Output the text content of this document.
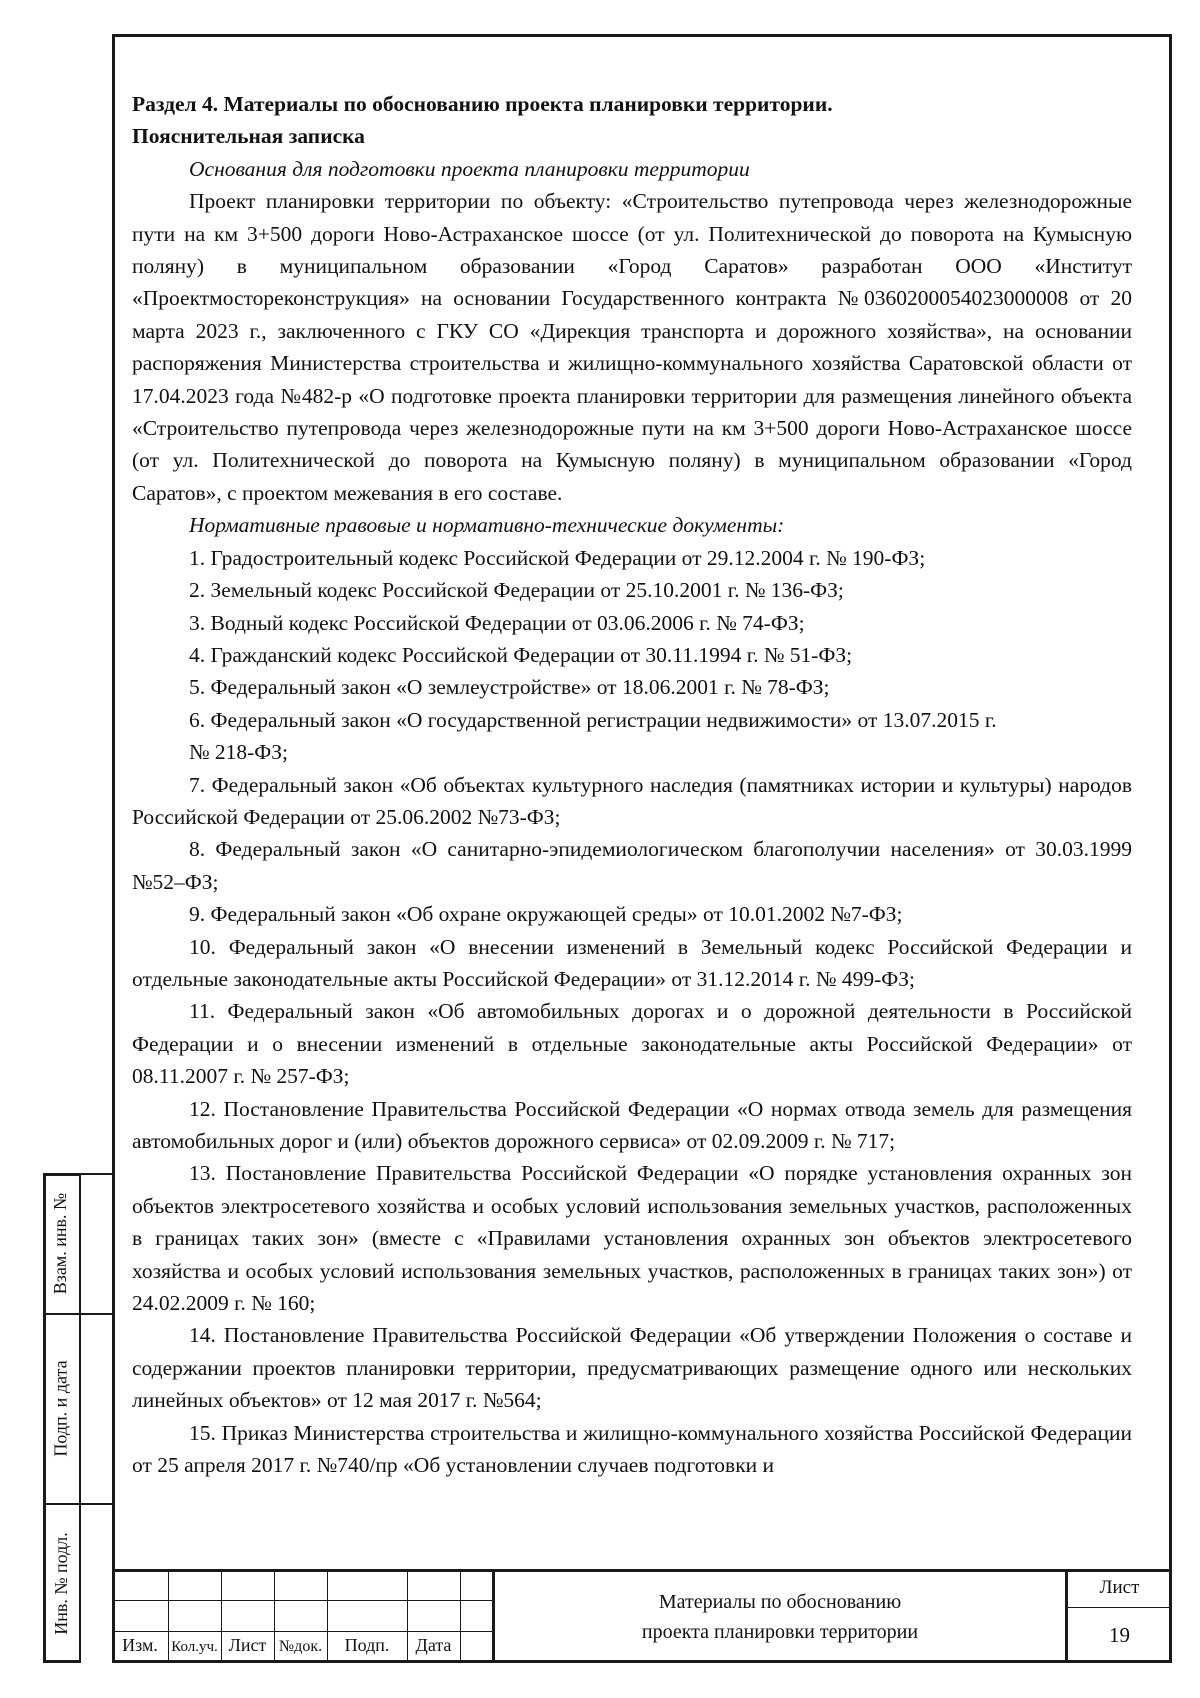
Раздел 4. Материалы по обоснованию проекта планировки территории.

Пояснительная записка

Основания для подготовки проекта планировки территории

Проект планировки территории по объекту: «Строительство путепровода через железнодорожные пути на км 3+500 дороги Ново-Астраханское шоссе (от ул. Политехнической до поворота на Кумысную поляну) в муниципальном образовании «Город Саратов» разработан ООО «Институт «Проектмостореконструкция» на основании Государственного контракта №0360200054023000008 от 20 марта 2023 г., заключенного с ГКУ СО «Дирекция транспорта и дорожного хозяйства», на основании распоряжения Министерства строительства и жилищно-коммунального хозяйства Саратовской области от 17.04.2023 года №482-р «О подготовке проекта планировки территории для размещения линейного объекта «Строительство путепровода через железнодорожные пути на км 3+500 дороги Ново-Астраханское шоссе (от ул. Политехнической до поворота на Кумысную поляну) в муниципальном образовании «Город Саратов», с проектом межевания в его составе.

Нормативные правовые и нормативно-технические документы:

1. Градостроительный кодекс Российской Федерации от 29.12.2004 г. № 190-ФЗ;

2. Земельный кодекс Российской Федерации от 25.10.2001 г. № 136-ФЗ;

3. Водный кодекс Российской Федерации от 03.06.2006 г. № 74-ФЗ;

4. Гражданский кодекс Российской Федерации от 30.11.1994 г. № 51-ФЗ;

5. Федеральный закон «О землеустройстве» от 18.06.2001 г. № 78-ФЗ;

6. Федеральный закон «О государственной регистрации недвижимости» от 13.07.2015 г.

№ 218-ФЗ;

7. Федеральный закон «Об объектах культурного наследия (памятниках истории и культуры) народов Российской Федерации от 25.06.2002 №73-ФЗ;

8. Федеральный закон «О санитарно-эпидемиологическом благополучии населения» от 30.03.1999 №52–ФЗ;

9. Федеральный закон «Об охране окружающей среды» от 10.01.2002 №7-ФЗ;

10. Федеральный закон «О внесении изменений в Земельный кодекс Российской Федерации и отдельные законодательные акты Российской Федерации» от 31.12.2014 г. № 499-ФЗ;

11. Федеральный закон «Об автомобильных дорогах и о дорожной деятельности в Российской Федерации и о внесении изменений в отдельные законодательные акты Российской Федерации» от 08.11.2007 г. № 257-ФЗ;

12. Постановление Правительства Российской Федерации «О нормах отвода земель для размещения автомобильных дорог и (или) объектов дорожного сервиса» от 02.09.2009 г. № 717;

13. Постановление Правительства Российской Федерации «О порядке установления охранных зон объектов электросетевого хозяйства и особых условий использования земельных участков, расположенных в границах таких зон» (вместе с «Правилами установления охранных зон объектов электросетевого хозяйства и особых условий использования земельных участков, расположенных в границах таких зон») от 24.02.2009 г. № 160;

14. Постановление Правительства Российской Федерации «Об утверждении Положения о составе и содержании проектов планировки территории, предусматривающих размещение одного или нескольких линейных объектов» от 12 мая 2017 г. №564;

15. Приказ Министерства строительства и жилищно-коммунального хозяйства Российской Федерации от 25 апреля 2017 г. №740/пр «Об установлении случаев подготовки и

Взам. инв. №
Подп. и дата
Инв. № подл.
Изм. Кол.уч. Лист №док.	Подп.	Дата
Материалы по обоснованию
проекта планировки территории
Лист
19
